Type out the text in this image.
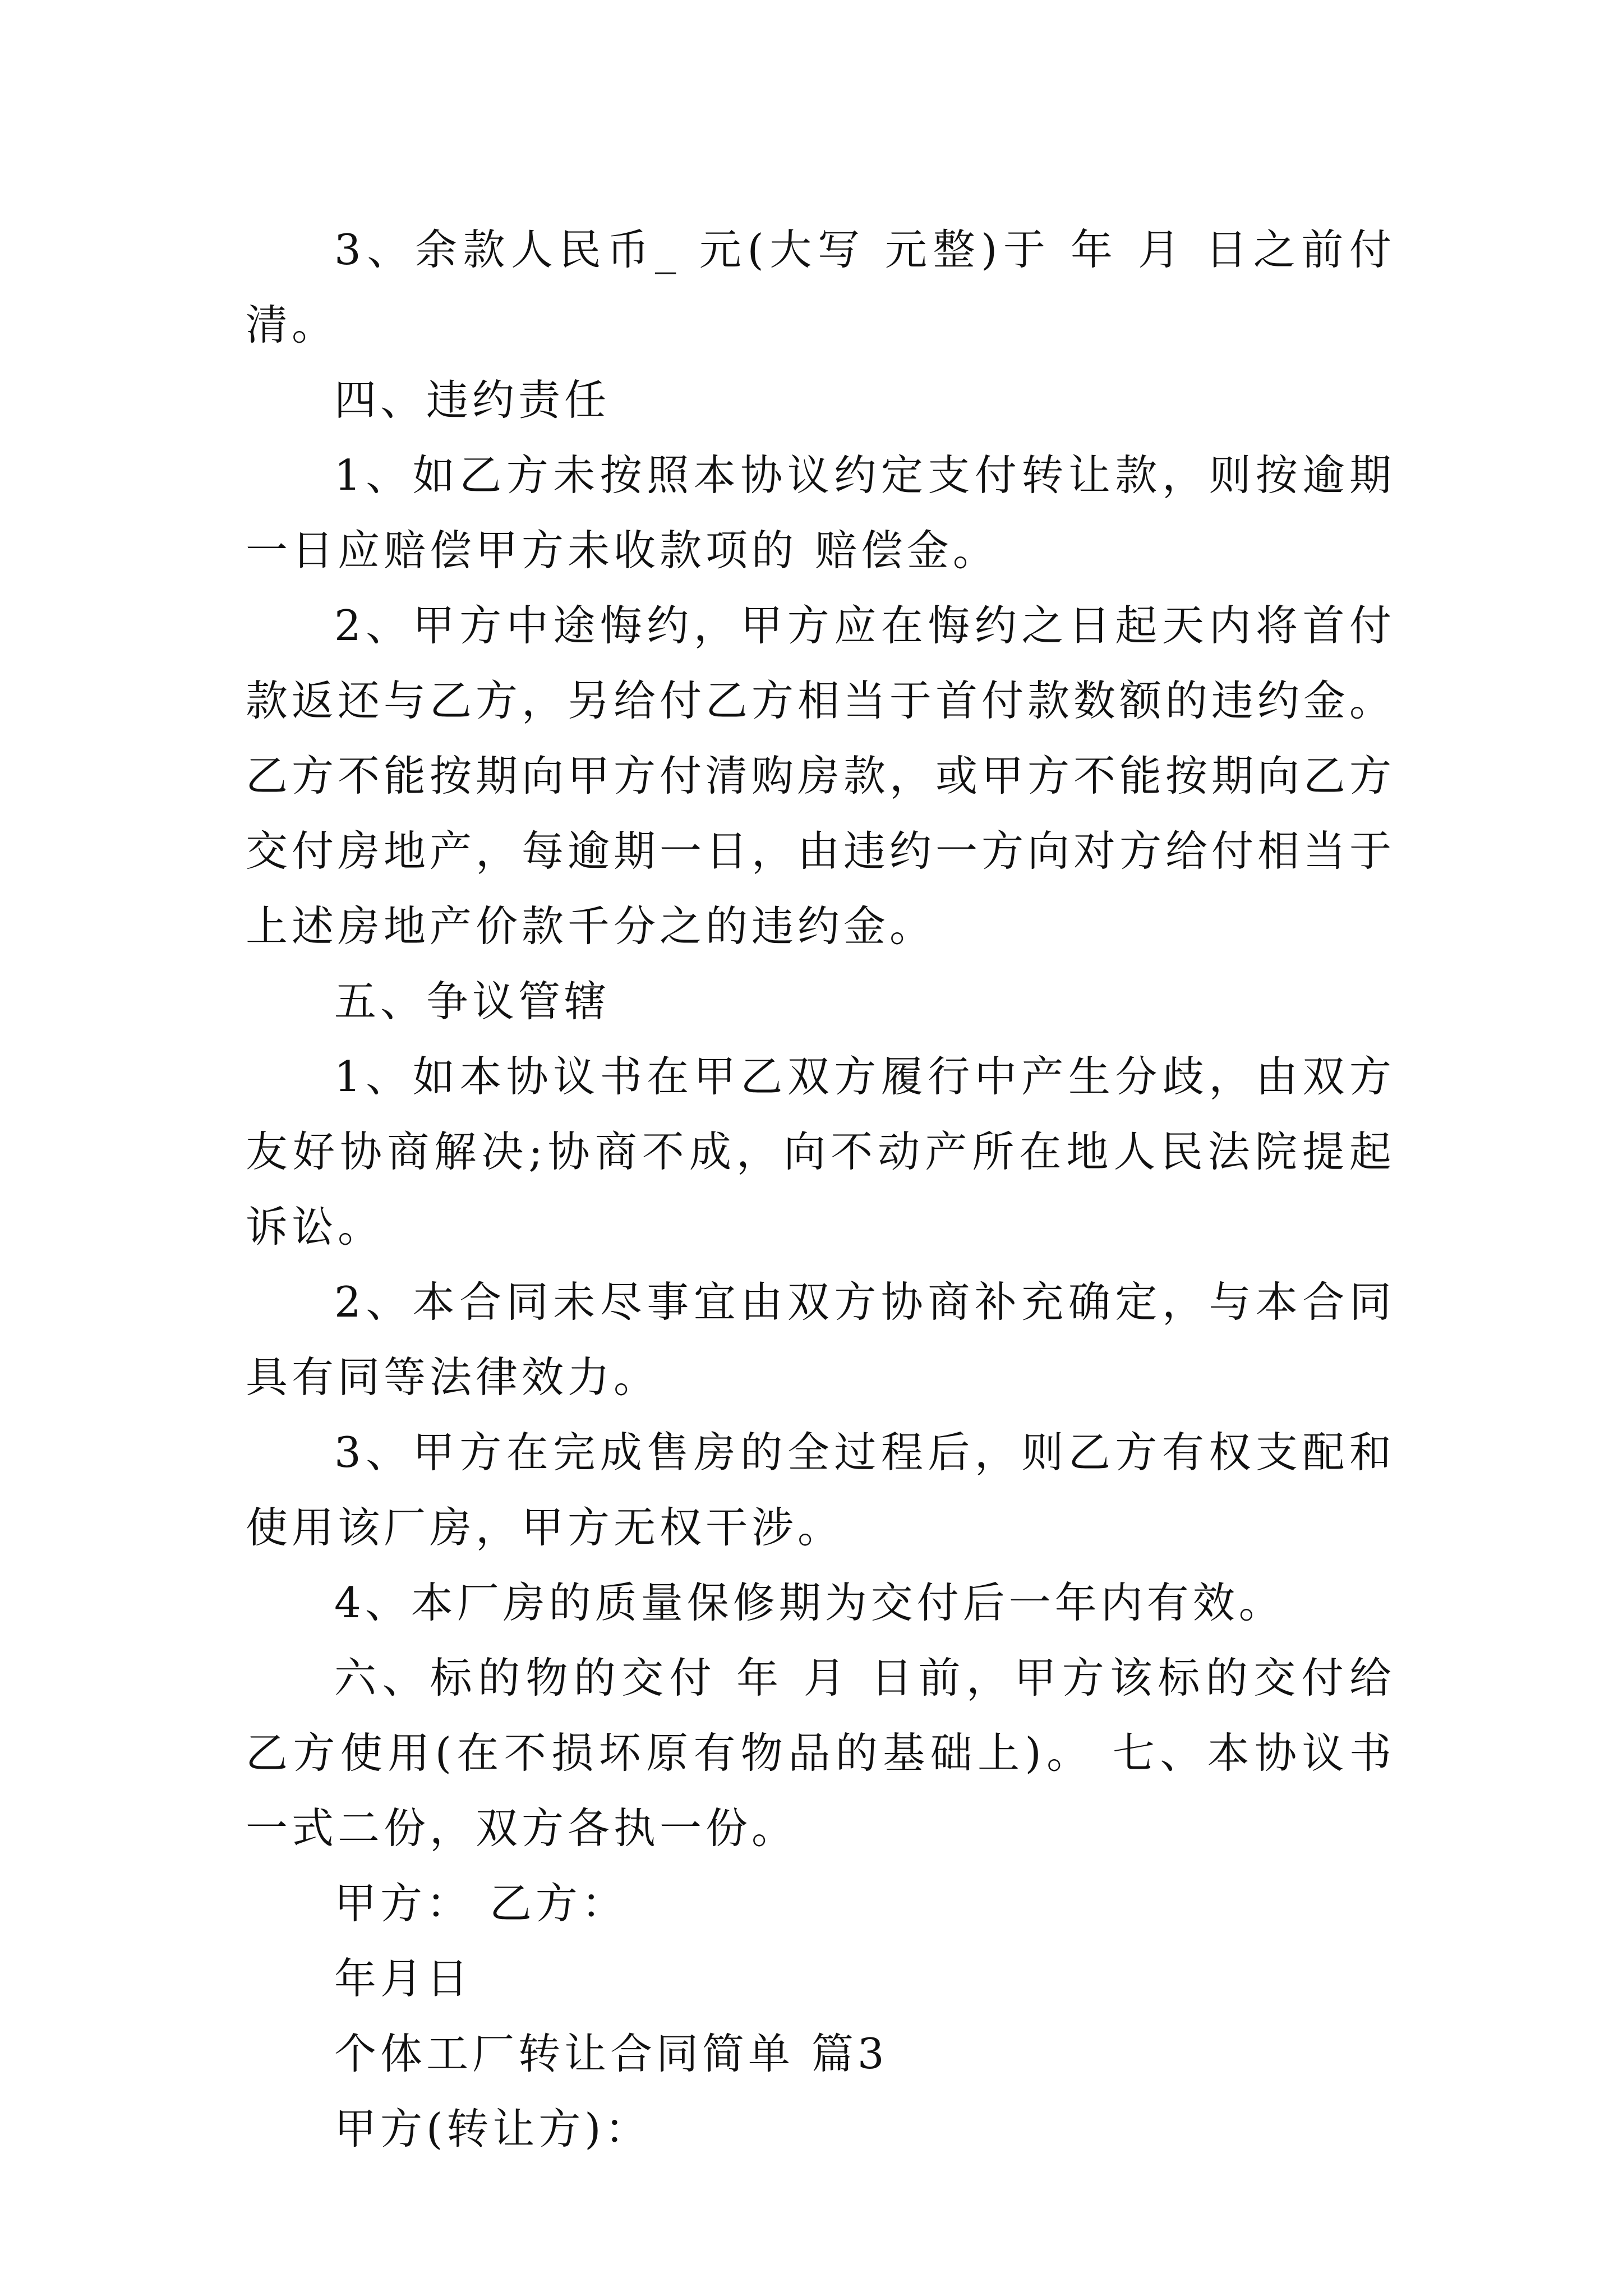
3、余款人民币_ 元(大写 元整)于 年 月 日之前付清。

四、违约责任

1、如乙方未按照本协议约定支付转让款，则按逾期一日应赔偿甲方未收款项的 赔偿金。

2、甲方中途悔约，甲方应在悔约之日起天内将首付款返还与乙方，另给付乙方相当于首付款数额的违约金。乙方不能按期向甲方付清购房款，或甲方不能按期向乙方交付房地产，每逾期一日，由违约一方向对方给付相当于上述房地产价款千分之的违约金。

五、争议管辖

1、如本协议书在甲乙双方履行中产生分歧，由双方友好协商解决;协商不成，向不动产所在地人民法院提起诉讼。

2、本合同未尽事宜由双方协商补充确定，与本合同具有同等法律效力。

3、甲方在完成售房的全过程后，则乙方有权支配和使用该厂房，甲方无权干涉。

4、本厂房的质量保修期为交付后一年内有效。

六、标的物的交付 年 月 日前，甲方该标的交付给乙方使用(在不损坏原有物品的基础上)。 七、本协议书一式二份，双方各执一份。

甲方： 乙方：

年月日

个体工厂转让合同简单 篇3

甲方(转让方)：
